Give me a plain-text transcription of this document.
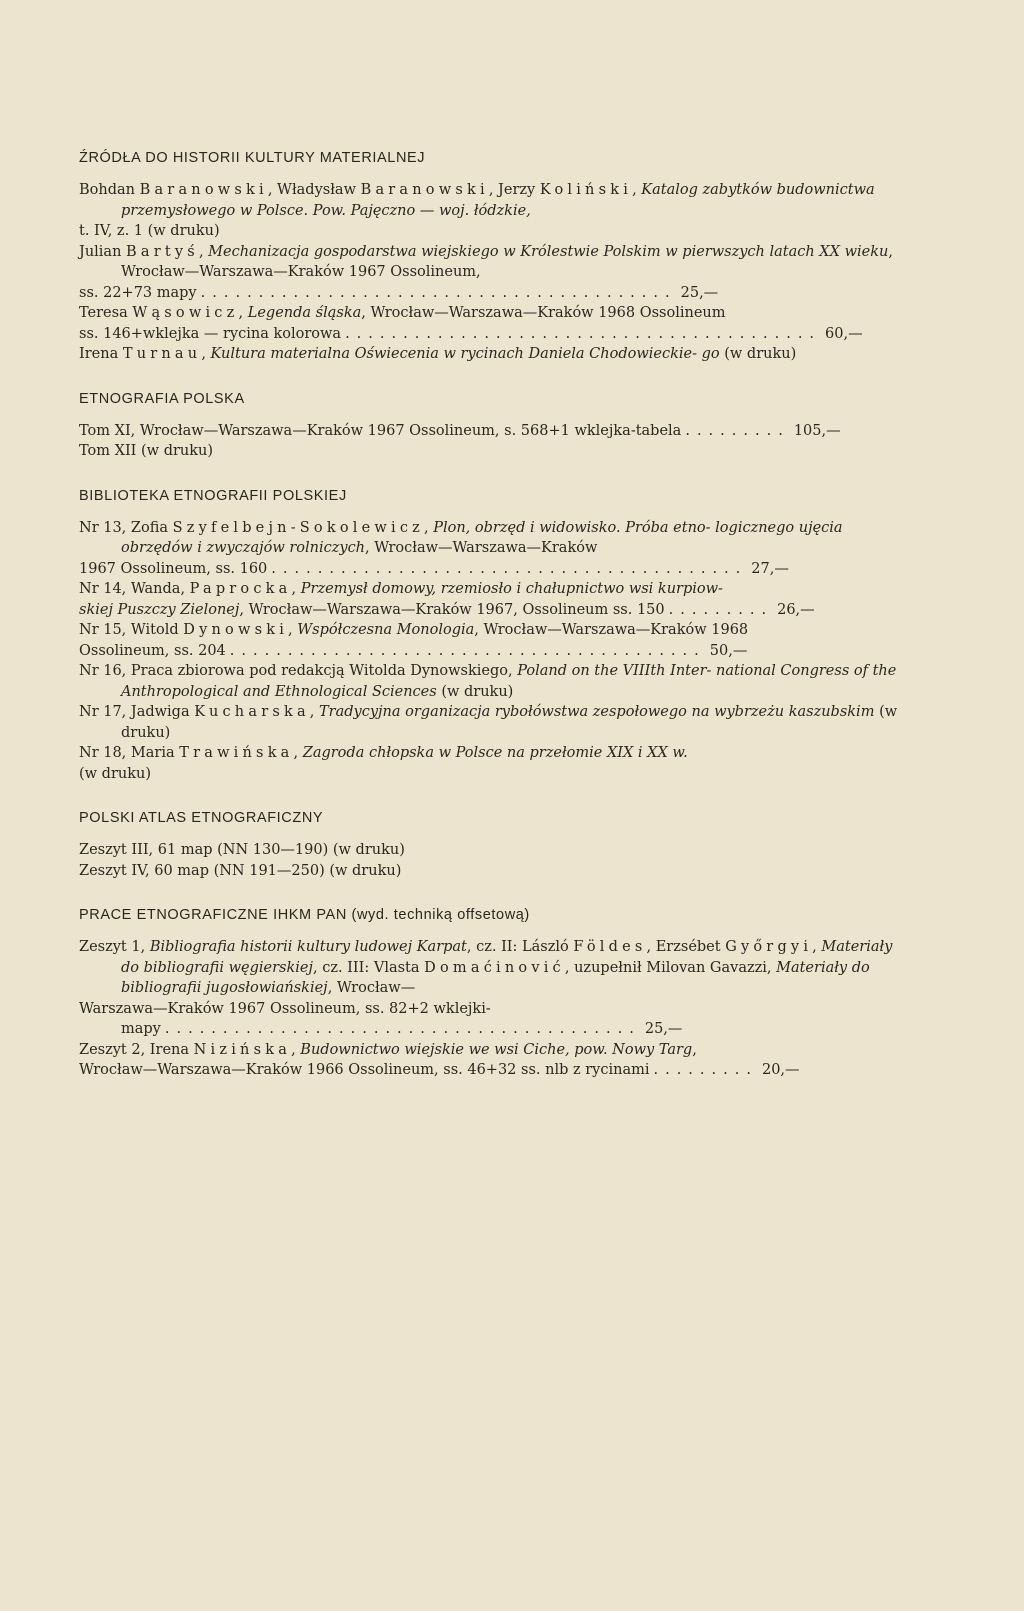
ŹRÓDŁA DO HISTORII KULTURY MATERIALNEJ

Bohdan Baranowski, Władysław Baranowski, Jerzy Koliński, Katalog zabytków budownictwa przemysłowego w Polsce. Pow. Pajęczno — woj. łódzkie,
t. IV, z. 1 (w druku)

Julian Bartyś, Mechanizacja gospodarstwa wiejskiego w Królestwie Polskim w pierwszych latach XX wieku, Wrocław—Warszawa—Kraków 1967 Ossolineum,
ss. 22+73 mapy ......................................... 25,—

Teresa Wąsowicz, Legenda śląska, Wrocław—Warszawa—Kraków 1968 Ossolineum
ss. 146+wklejka — rycina kolorowa ......................................... 60,—

Irena Turnau, Kultura materialna Oświecenia w rycinach Daniela Chodowieckie- go (w druku)

ETNOGRAFIA POLSKA

Tom XI, Wrocław—Warszawa—Kraków 1967 Ossolineum, s. 568+1 wklejka-tabela ......... 105,—

Tom XII (w druku)

BIBLIOTEKA ETNOGRAFII POLSKIEJ

Nr 13, Zofia Szyfelbejn-Sokolewicz, Plon, obrzęd i widowisko. Próba etno- logicznego ujęcia obrzędów i zwyczajów rolniczych, Wrocław—Warszawa—Kraków
1967 Ossolineum, ss. 160 ......................................... 27,—

Nr 14, Wanda, Paprocka, Przemysł domowy, rzemiosło i chałupnictwo wsi kurpiow-
skiej Puszczy Zielonej, Wrocław—Warszawa—Kraków 1967, Ossolineum ss. 150 ......... 26,—

Nr 15, Witold Dynowski, Współczesna Monologia, Wrocław—Warszawa—Kraków 1968
Ossolineum, ss. 204 ......................................... 50,—

Nr 16, Praca zbiorowa pod redakcją Witolda Dynowskiego, Poland on the VIIIth Inter- national Congress of the Anthropological and Ethnological Sciences (w druku)

Nr 17, Jadwiga Kucharska, Tradycyjna organizacja rybołówstwa zespołowego na wybrzeżu kaszubskim (w druku)

Nr 18, Maria Trawińska, Zagroda chłopska w Polsce na przełomie XIX i XX w.
(w druku)

POLSKI ATLAS ETNOGRAFICZNY

Zeszyt III, 61 map (NN 130—190) (w druku)

Zeszyt IV, 60 map (NN 191—250) (w druku)

PRACE ETNOGRAFICZNE IHKM PAN (wyd. techniką offsetową)

Zeszyt 1, Bibliografia historii kultury ludowej Karpat, cz. II: László Földes, Erzsébet Győrgyi, Materiały do bibliografii węgierskiej, cz. III: Vlasta Domaćinović, uzupełnił Milovan Gavazzi, Materiały do bibliografii jugosłowiańskiej, Wrocław—
Warszawa—Kraków 1967 Ossolineum, ss. 82+2 wklejki-mapy ......................................... 25,—

Zeszyt 2, Irena Nizińska, Budownictwo wiejskie we wsi Ciche, pow. Nowy Targ,
Wrocław—Warszawa—Kraków 1966 Ossolineum, ss. 46+32 ss. nlb z rycinami ......... 20,—
